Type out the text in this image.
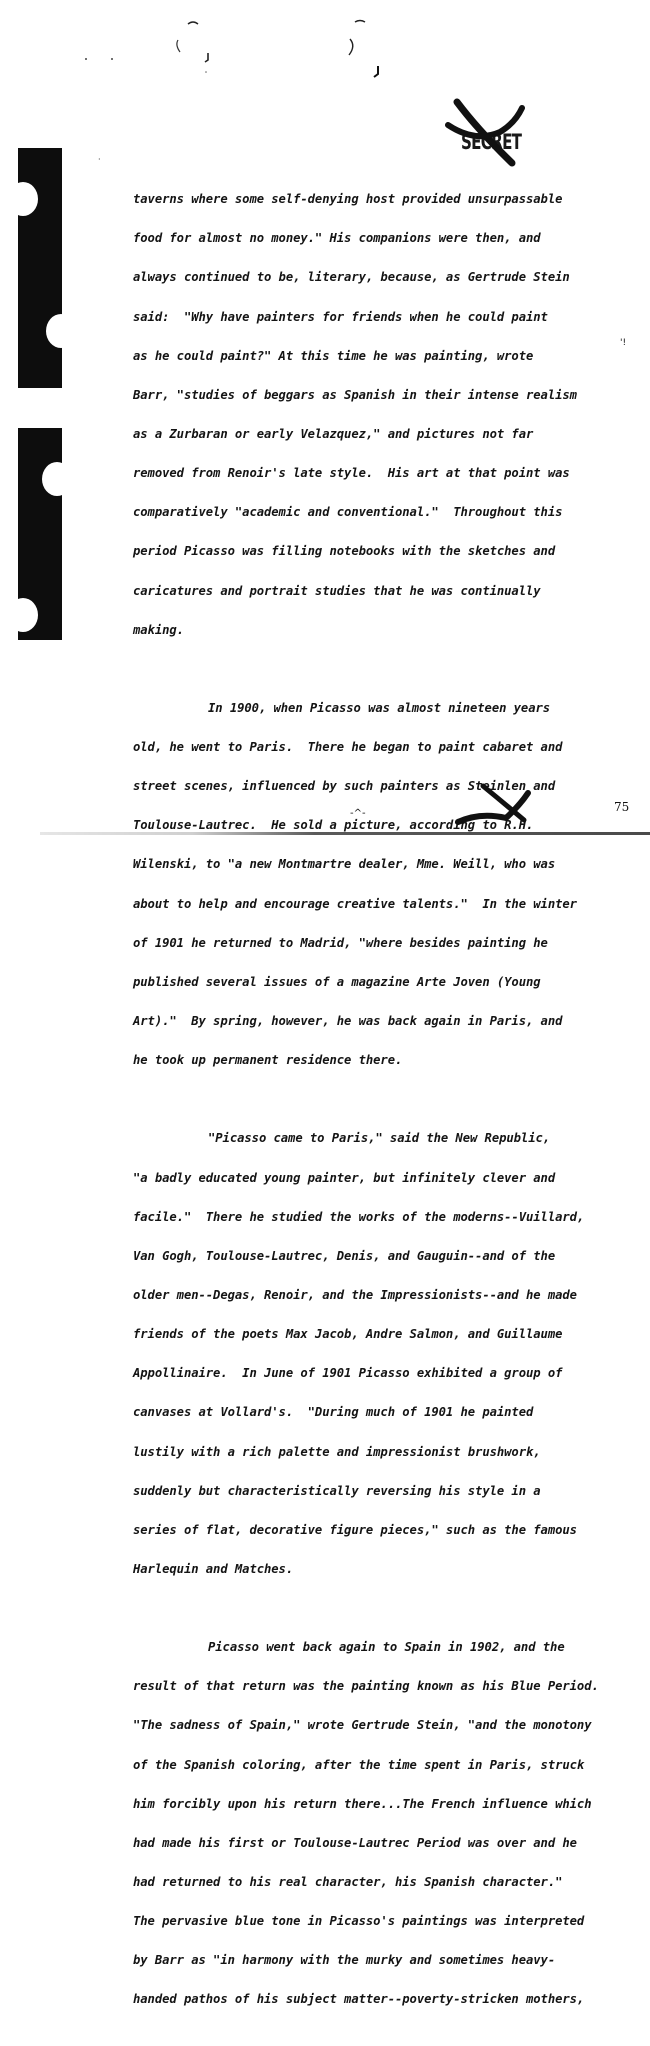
SECRET
'!
·

taverns where some self-denying host provided unsurpassable

food for almost no money." His companions were then, and

always continued to be, literary, because, as Gertrude Stein

said:  "Why have painters for friends when he could paint

as he could paint?" At this time he was painting, wrote

Barr, "studies of beggars as Spanish in their intense realism

as a Zurbaran or early Velazquez," and pictures not far

removed from Renoir's late style.  His art at that point was

comparatively "academic and conventional."  Throughout this

period Picasso was filling notebooks with the sketches and

caricatures and portrait studies that he was continually

making.

In 1900, when Picasso was almost nineteen years

old, he went to Paris.  There he began to paint cabaret and

street scenes, influenced by such painters as Steinlen and

Toulouse-Lautrec.  He sold a picture, according to R.H.

Wilenski, to "a new Montmartre dealer, Mme. Weill, who was

about to help and encourage creative talents."  In the winter

of 1901 he returned to Madrid, "where besides painting he

published several issues of a magazine Arte Joven (Young

Art)."  By spring, however, he was back again in Paris, and

he took up permanent residence there.

"Picasso came to Paris," said the New Republic,

"a badly educated young painter, but infinitely clever and

facile."  There he studied the works of the moderns--Vuillard,

Van Gogh, Toulouse-Lautrec, Denis, and Gauguin--and of the

older men--Degas, Renoir, and the Impressionists--and he made

friends of the poets Max Jacob, Andre Salmon, and Guillaume

Appollinaire.  In June of 1901 Picasso exhibited a group of

canvases at Vollard's.  "During much of 1901 he painted

lustily with a rich palette and impressionist brushwork,

suddenly but characteristically reversing his style in a

series of flat, decorative figure pieces," such as the famous

Harlequin and Matches.

Picasso went back again to Spain in 1902, and the

result of that return was the painting known as his Blue Period.

"The sadness of Spain," wrote Gertrude Stein, "and the monotony

of the Spanish coloring, after the time spent in Paris, struck

him forcibly upon his return there...The French influence which

had made his first or Toulouse-Lautrec Period was over and he

had returned to his real character, his Spanish character."

The pervasive blue tone in Picasso's paintings was interpreted

by Barr as "in harmony with the murky and sometimes heavy-

handed pathos of his subject matter--poverty-stricken mothers,

-^-	75
